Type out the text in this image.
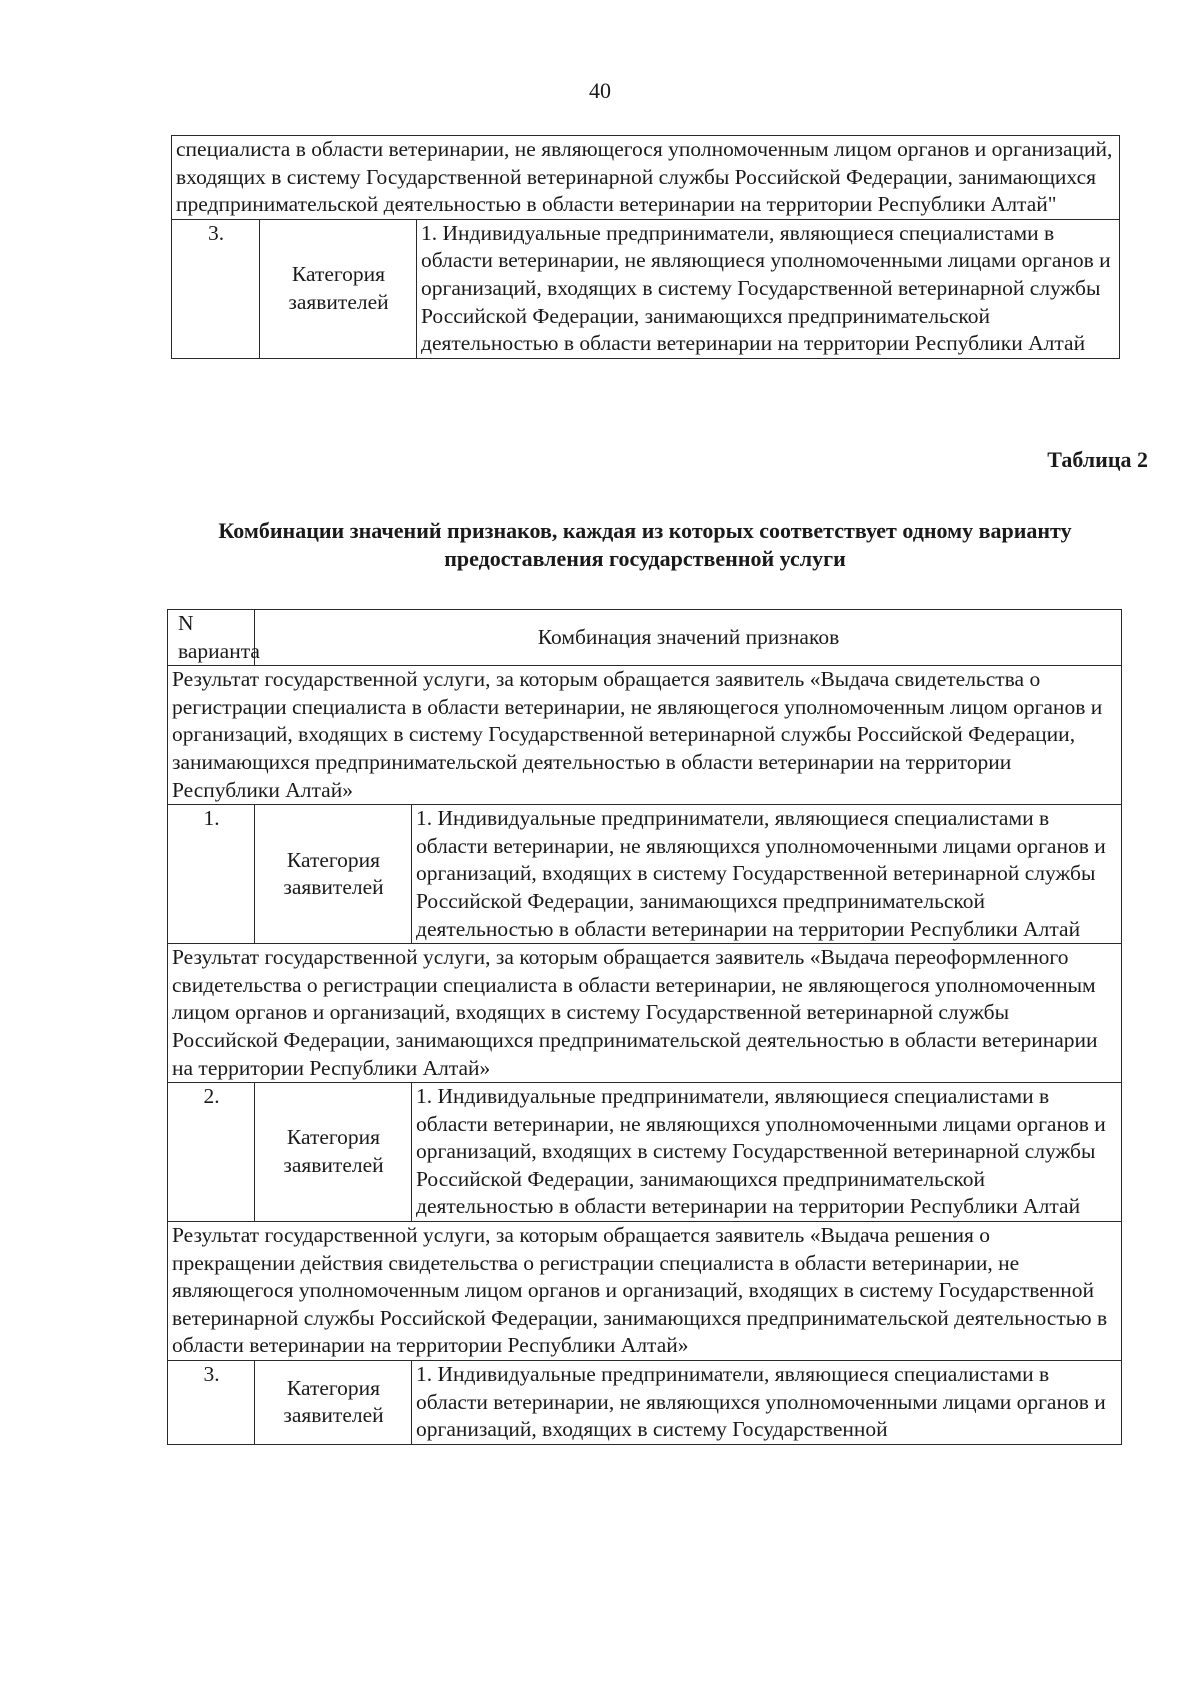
40
специалиста в области ветеринарии, не являющегося уполномоченным лицом органов и организаций, входящих в систему Государственной ветеринарной службы Российской Федерации, занимающихся предпринимательской деятельностью в области ветеринарии на территории Республики Алтай"
3.	Категория заявителей	1. Индивидуальные предприниматели, являющиеся специалистами в области ветеринарии, не являющиеся уполномоченными лицами органов и организаций, входящих в систему Государственной ветеринарной службы Российской Федерации, занимающихся предпринимательской деятельностью в области ветеринарии на территории Республики Алтай
Таблица 2
Комбинации значений признаков, каждая из которых соответствует одному варианту предоставления государственной услуги
N варианта	Комбинация значений признаков	
Результат государственной услуги, за которым обращается заявитель «Выдача свидетельства о регистрации специалиста в области ветеринарии, не являющегося уполномоченным лицом органов и организаций, входящих в систему Государственной ветеринарной службы Российской Федерации, занимающихся предпринимательской деятельностью в области ветеринарии на территории Республики Алтай»		
1.	Категория заявителей	1. Индивидуальные предприниматели, являющиеся специалистами в области ветеринарии, не являющихся уполномоченными лицами органов и организаций, входящих в систему Государственной ветеринарной службы Российской Федерации, занимающихся предпринимательской деятельностью в области ветеринарии на территории Республики Алтай
Результат государственной услуги, за которым обращается заявитель «Выдача переоформленного свидетельства о регистрации специалиста в области ветеринарии, не являющегося уполномоченным лицом органов и организаций, входящих в систему Государственной ветеринарной службы Российской Федерации, занимающихся предпринимательской деятельностью в области ветеринарии на территории Республики Алтай»		
2.	Категория заявителей	1. Индивидуальные предприниматели, являющиеся специалистами в области ветеринарии, не являющихся уполномоченными лицами органов и организаций, входящих в систему Государственной ветеринарной службы Российской Федерации, занимающихся предпринимательской деятельностью в области ветеринарии на территории Республики Алтай
Результат государственной услуги, за которым обращается заявитель «Выдача решения о прекращении действия свидетельства о регистрации специалиста в области ветеринарии, не являющегося уполномоченным лицом органов и организаций, входящих в систему Государственной ветеринарной службы Российской Федерации, занимающихся предпринимательской деятельностью в области ветеринарии на территории Республики Алтай»		
3.	Категория заявителей	1. Индивидуальные предприниматели, являющиеся специалистами в области ветеринарии, не являющихся уполномоченными лицами органов и организаций, входящих в систему Государственной
